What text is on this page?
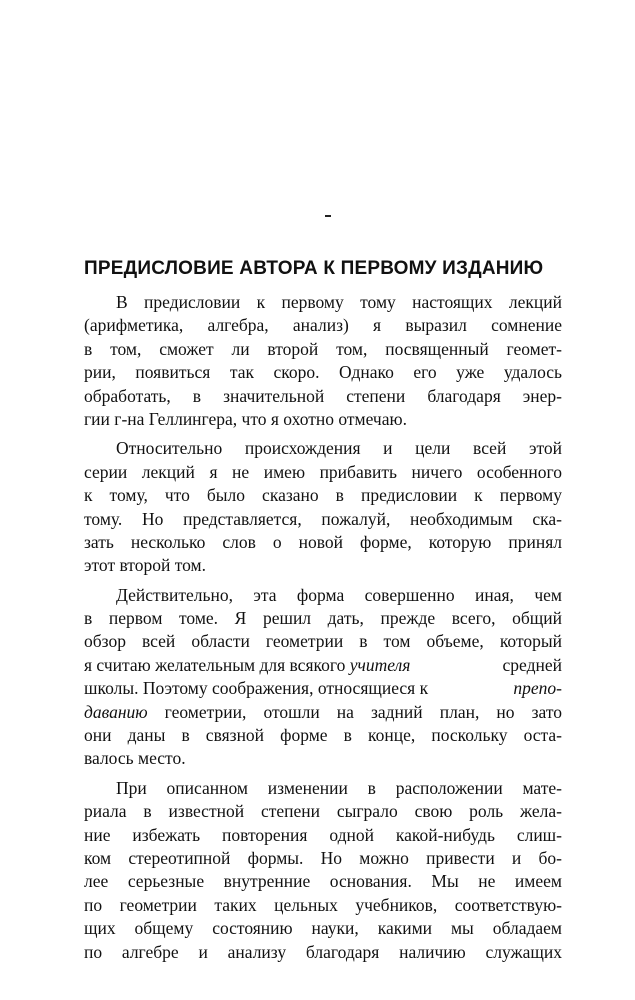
ПРЕДИСЛОВИЕ АВТОРА К ПЕРВОМУ ИЗДАНИЮ
В предисловии к первому тому настоящих лекций
(арифметика, алгебра, анализ) я выразил сомнение
в том, сможет ли второй том, посвященный геомет-
рии, появиться так скоро. Однако его уже удалось
обработать, в значительной степени благодаря энер-
гии г-на Геллингера, что я охотно отмечаю.
Относительно происхождения и цели всей этой
серии лекций я не имею прибавить ничего особенного
к тому, что было сказано в предисловии к первому
тому. Но представляется, пожалуй, необходимым ска-
зать несколько слов о новой форме, которую принял
этот второй том.
Действительно, эта форма совершенно иная, чем
в первом томе. Я решил дать, прежде всего, общий
обзор всей области геометрии в том объеме, который
я считаю желательным для всякого учителя	средней
школы. Поэтому соображения, относящиеся к	препо-
даванию геометрии, отошли на задний план, но зато
они даны в связной форме в конце, поскольку оста-
валось место.
При описанном изменении в расположении мате-
риала в известной степени сыграло свою роль жела-
ние избежать повторения одной какой-нибудь слиш-
ком стереотипной формы. Но можно привести и бо-
лее серьезные внутренние основания. Мы не имеем
по геометрии таких цельных учебников, соответствую-
щих общему состоянию науки, какими мы обладаем
по алгебре и анализу благодаря наличию служащих
